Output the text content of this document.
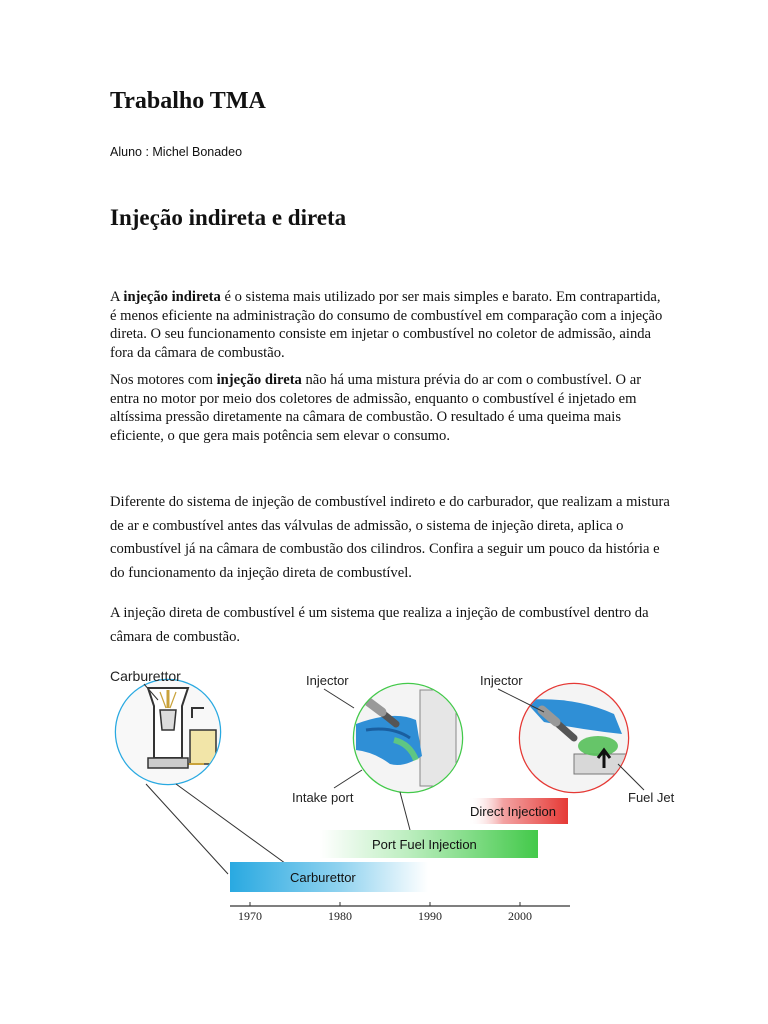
Trabalho TMA
Aluno : Michel Bonadeo
Injeção indireta e direta

A injeção indireta é o sistema mais utilizado por ser mais simples e barato. Em contrapartida, é menos eficiente na administração do consumo de combustível em comparação com a injeção direta. O seu funcionamento consiste em injetar o combustível no coletor de admissão, ainda fora da câmara de combustão.

Nos motores com injeção direta não há uma mistura prévia do ar com o combustível. O ar entra no motor por meio dos coletores de admissão, enquanto o combustível é injetado em altíssima pressão diretamente na câmara de combustão. O resultado é uma queima mais eficiente, o que gera mais potência sem elevar o consumo.

Diferente do sistema de injeção de combustível indireto e do carburador, que realizam a mistura de ar e combustível antes das válvulas de admissão, o sistema de injeção direta, aplica o combustível já na câmara de combustão dos cilindros. Confira a seguir um pouco da história e do funcionamento da injeção direta de combustível.

A injeção direta de combustível é um sistema que realiza a injeção de combustível dentro da câmara de combustão.

Carburettor	Injector	Injector
Intake port	Fuel Jet
Direct Injection
Port Fuel Injection
Carburettor
1970	1980	1990	2000
